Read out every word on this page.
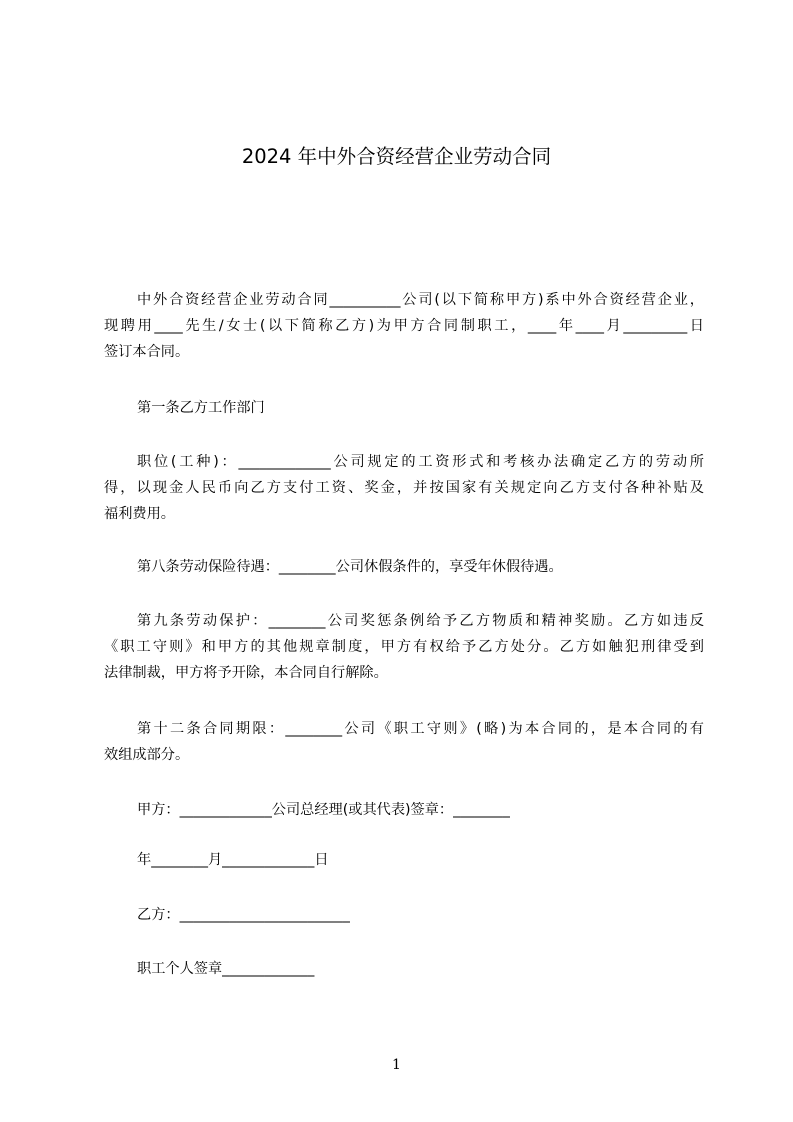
2024 年中外合资经营企业劳动合同
中外合资经营企业劳动合同__________公司(以下简称甲方)系中外合资经营企业，
现聘用____先生/女士(以下简称乙方)为甲方合同制职工，____年____月_________日
签订本合同。

第一条乙方工作部门

职位(工种)：_____________公司规定的工资形式和考核办法确定乙方的劳动所
得，以现金人民币向乙方支付工资、奖金，并按国家有关规定向乙方支付各种补贴及
福利费用。

第八条劳动保险待遇：________公司休假条件的，享受年休假待遇。

第九条劳动保护：________公司奖惩条例给予乙方物质和精神奖励。乙方如违反
《职工守则》和甲方的其他规章制度，甲方有权给予乙方处分。乙方如触犯刑律受到
法律制裁，甲方将予开除，本合同自行解除。
第十二条合同期限：________公司《职工守则》(略)为本合同的，是本合同的有
效组成部分。

甲方：_____________公司总经理(或其代表)签章：________

年________月_____________日

乙方：________________________

职工个人签章_____________

1
